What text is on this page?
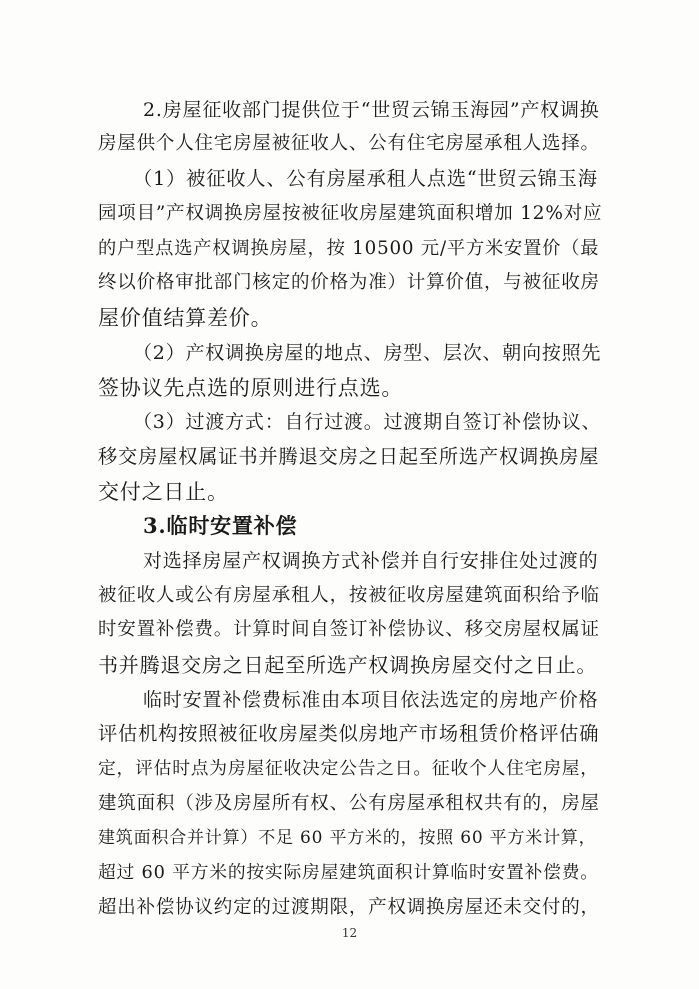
2.房屋征收部门提供位于“世贸云锦玉海园”产权调换
房屋供个人住宅房屋被征收人、公有住宅房屋承租人选择。
（1）被征收人、公有房屋承租人点选“世贸云锦玉海
园项目”产权调换房屋按被征收房屋建筑面积增加 12%对应
的户型点选产权调换房屋，按 10500 元/平方米安置价（最
终以价格审批部门核定的价格为准）计算价值，与被征收房
屋价值结算差价。
（2）产权调换房屋的地点、房型、层次、朝向按照先
签协议先点选的原则进行点选。
（3）过渡方式：自行过渡。过渡期自签订补偿协议、
移交房屋权属证书并腾退交房之日起至所选产权调换房屋
交付之日止。
3.临时安置补偿
对选择房屋产权调换方式补偿并自行安排住处过渡的
被征收人或公有房屋承租人，按被征收房屋建筑面积给予临
时安置补偿费。计算时间自签订补偿协议、移交房屋权属证
书并腾退交房之日起至所选产权调换房屋交付之日止。
临时安置补偿费标准由本项目依法选定的房地产价格
评估机构按照被征收房屋类似房地产市场租赁价格评估确
定，评估时点为房屋征收决定公告之日。征收个人住宅房屋，
建筑面积（涉及房屋所有权、公有房屋承租权共有的，房屋
建筑面积合并计算）不足 60 平方米的，按照 60 平方米计算，
超过 60 平方米的按实际房屋建筑面积计算临时安置补偿费。
超出补偿协议约定的过渡期限，产权调换房屋还未交付的，
12
